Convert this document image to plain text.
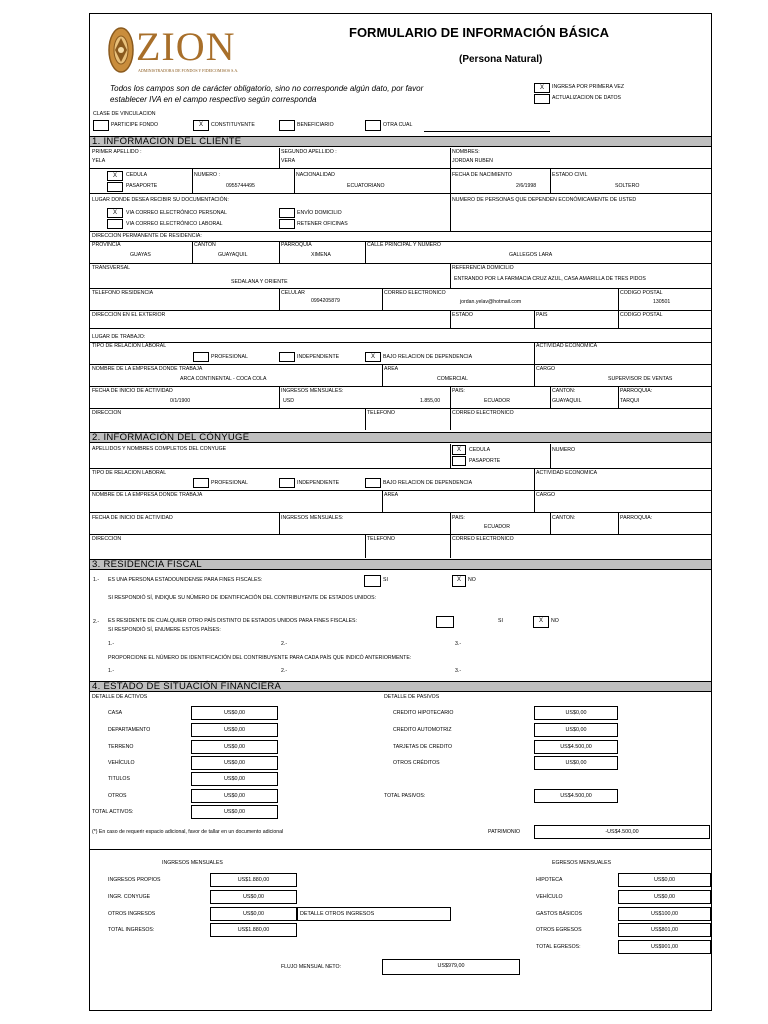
ZION
ADMINISTRADORA DE FONDOS Y FIDEICOMISOS S.A.
FORMULARIO DE INFORMACIÓN BÁSICA
(Persona Natural)
Todos los campos son de carácter obligatorio, sino no corresponde algún dato, por favor
establecer IVA en el campo respectivo según corresponda
X	INGRESA POR PRIMERA VEZ
ACTUALIZACION DE DATOS
CLASE DE VINCULACION
PARTICIPE FONDO	X	CONSTITUYENTE	BENEFICIARIO	OTRA CUAL
1. INFORMACION DEL CLIENTE
PRIMER APELLIDO :
YELA
SEGUNDO APELLIDO :
VERA
NOMBRES:
JORDAN RUBEN
X	CEDULA
PASAPORTE
NUMERO :
0955744495
NACIONALIDAD
ECUATORIANO
FECHA DE NACIMIENTO
2/6/1998
ESTADO CIVIL
SOLTERO
LUGAR DONDE DESEA RECIBIR SU DOCUMENTACIÓN:
X	VIA CORREO ELECTRÓNICO PERSONAL
VIA CORREO ELECTRÓNICO LABORAL
ENVÍO DOMICILIO
RETENER OFICINAS
NUMERO DE PERSONAS QUE DEPENDEN ECONÓMICAMENTE DE USTED
DIRECCION PERMANENTE DE RESIDENCIA:
PROVINCIA
GUAYAS
CANTON
GUAYAQUIL
PARROQUIA
XIMENA
CALLE PRINCIPAL Y NUMERO
GALLEGOS LARA
TRANSVERSAL
SEDALANA Y ORIENTE
REFERENCIA DOMICILIO
ENTRANDO POR LA FARMACIA CRUZ AZUL, CASA AMARILLA DE TRES PIDOS
TELEFONO RESIDENCIA	CELULAR
0994205879
CORREO ELECTRONICO
jordan.yelav@hotmail.com
CODIGO POSTAL
130501
DIRECCION EN EL EXTERIOR	ESTADO	PAIS	CODIGO POSTAL
LUGAR DE TRABAJO:
TIPO DE RELACION LABORAL
PROFESIONAL	INDEPENDIENTE	X	BAJO RELACION DE DEPENDENCIA
ACTIVIDAD ECONOMICA
NOMBRE DE LA EMPRESA DONDE TRABAJA
ARCA CONTINENTAL - COCA COLA
AREA
COMERCIAL
CARGO
SUPERVISOR DE VENTAS
FECHA DE INICIO DE ACTIVIDAD
0/1/1900
INGRESOS MENSUALES:
USD	1.855,00
PAIS:
ECUADOR
CANTON:
GUAYAQUIL
PARROQUIA:
TARQUI
DIRECCION	TELEFONO	CORREO ELECTRONICO
2. INFORMACIÓN DEL CÓNYUGE
APELLIDOS Y NOMBRES COMPLETOS DEL CONYUGE	X	CEDULA
PASAPORTE
NUMERO
TIPO DE RELACION LABORAL
PROFESIONAL	INDEPENDIENTE	BAJO RELACION DE DEPENDENCIA
ACTIVIDAD ECONOMICA
NOMBRE DE LA EMPRESA DONDE TRABAJA	AREA	CARGO
FECHA DE INICIO DE ACTIVIDAD	INGRESOS MENSUALES:	PAIS:
ECUADOR
CANTON:	PARROQUIA:
DIRECCION	TELEFONO	CORREO ELECTRONICO
3. RESIDENCIA FISCAL
1.- ES UNA PERSONA ESTADOUNIDENSE PARA FINES FISCALES:	SI	X	NO
SI RESPONDIÓ SÍ, INDIQUE SU NÚMERO DE IDENTIFICACIÓN DEL CONTRIBUYENTE DE ESTADOS UNIDOS:
2.- ES RESIDENTE DE CUALQUIER OTRO PAÍS DISTINTO DE ESTADOS UNIDOS PARA FINES FISCALES:	SI	X	NO
SI RESPONDIÓ SÍ, ENUMERE ESTOS PAÍSES:
1.-	2.-	3.-
PROPORCIONE EL NÚMERO DE IDENTIFICACIÓN DEL CONTRIBUYENTE PARA CADA PAÍS QUE INDICÓ ANTERIORMENTE:
1.-	2.-	3.-
4. ESTADO DE SITUACIÓN FINANCIERA
DETALLE DE ACTIVOS	DETALLE DE PASIVOS
CASA	US$0,00
DEPARTAMENTO	US$0,00
TERRENO	US$0,00
VEHÍCULO	US$0,00
TITULOS	US$0,00
OTROS	US$0,00
TOTAL ACTIVOS:	US$0,00
CREDITO HIPOTECARIO	US$0,00
CREDITO AUTOMOTRIZ	US$0,00
TARJETAS DE CREDITO	US$4.500,00
OTROS CRÉDITOS	US$0,00
TOTAL PASIVOS:	US$4.500,00
(*) En caso de requerir espacio adicional, favor de tallar en un documento adicional	PATRIMONIO	-US$4.500,00
INGRESOS MENSUALES	EGRESOS MENSUALES
INGRESOS PROPIOS	US$1.880,00
INGR. CONYUGE	US$0,00
OTROS INGRESOS	US$0,00	DETALLE OTROS INGRESOS
TOTAL INGRESOS:	US$1.880,00
HIPOTECA	US$0,00
VEHÍCULO	US$0,00
GASTOS BÁSICOS	US$100,00
OTROS EGRESOS	US$801,00
TOTAL EGRESOS:	US$901,00
FLUJO MENSUAL NETO:	US$979,00
